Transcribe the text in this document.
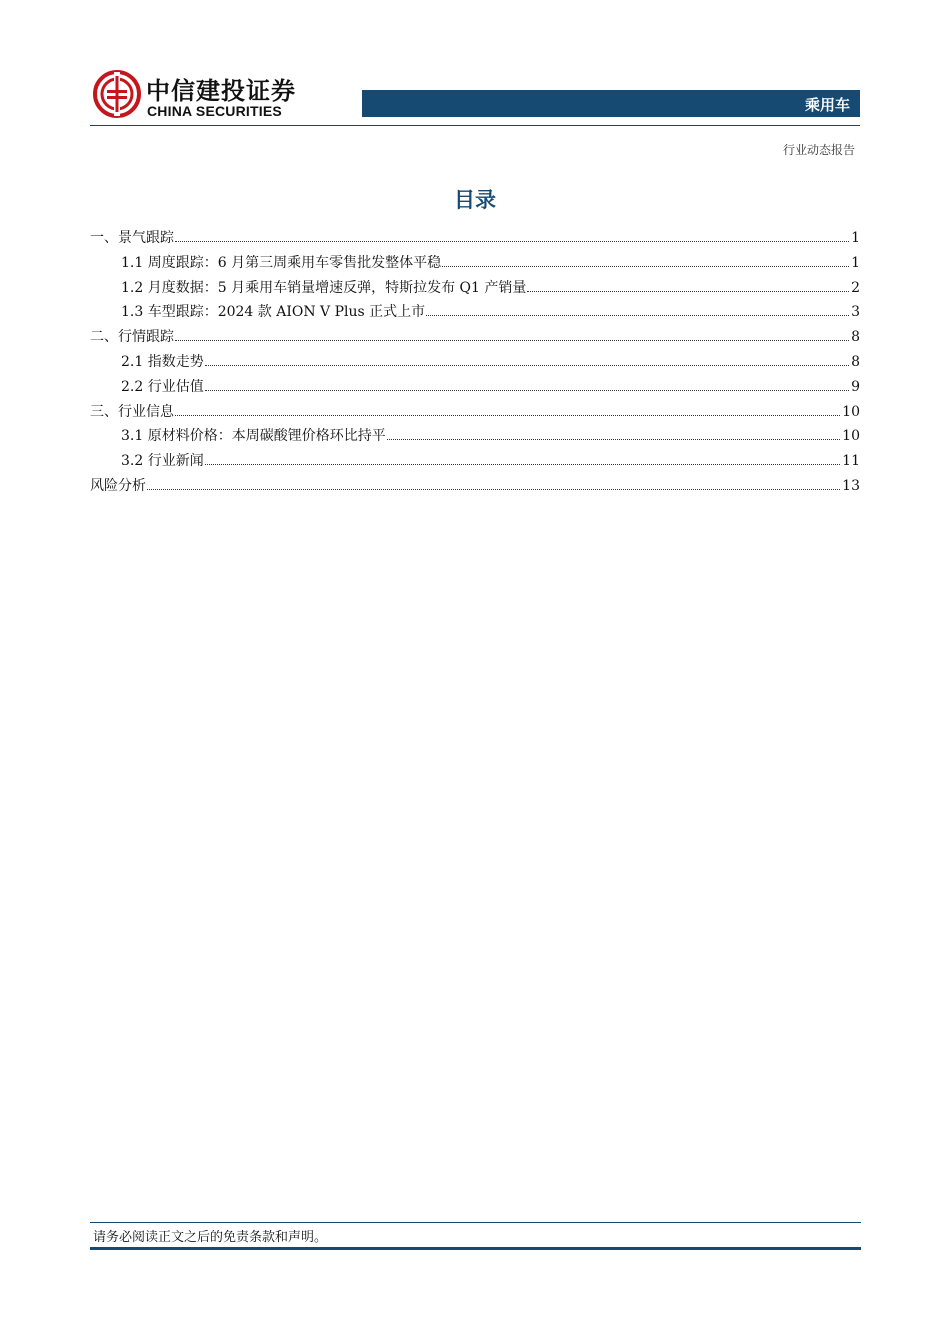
中信建投证券
CHINA SECURITIES	乘用车
行业动态报告
目录
一、景气跟踪	1
1.1 周度跟踪：6 月第三周乘用车零售批发整体平稳	1
1.2 月度数据：5 月乘用车销量增速反弹，特斯拉发布 Q1 产销量	2
1.3 车型跟踪：2024 款 AION V Plus 正式上市	3
二、行情跟踪	8
2.1 指数走势	8
2.2 行业估值	9
三、行业信息	10
3.1 原材料价格：本周碳酸锂价格环比持平	10
3.2 行业新闻	11
风险分析	13
请务必阅读正文之后的免责条款和声明。
